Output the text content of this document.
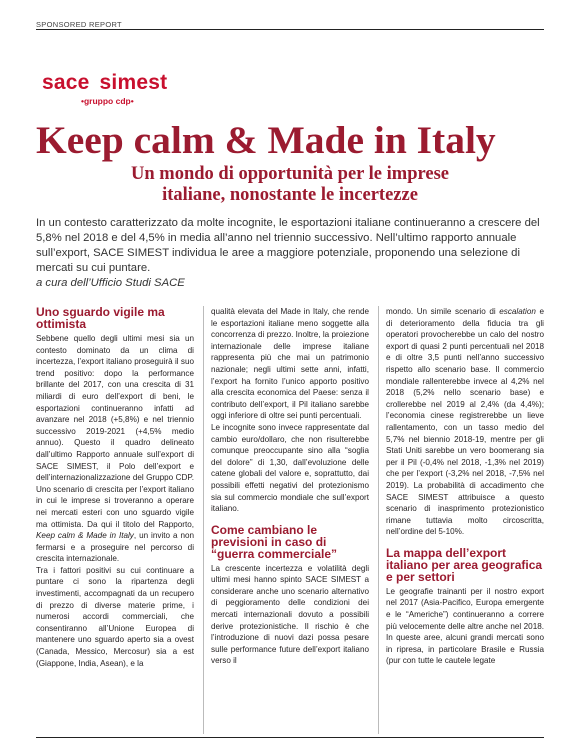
SPONSORED REPORT
sace simest
•gruppo cdp•
Keep calm & Made in Italy
Un mondo di opportunità per le imprese
italiane, nonostante le incertezze
In un contesto caratterizzato da molte incognite, le esportazioni italiane continueranno a crescere del 5,8% nel 2018 e del 4,5% in media all’anno nel triennio successivo. Nell’ultimo rapporto annuale sull’export, SACE SIMEST individua le aree a maggiore potenziale, proponendo una selezione di mercati su cui puntare.
a cura dell’Ufficio Studi SACE
Uno sguardo vigile ma ottimista

Sebbene quello degli ultimi mesi sia un contesto dominato da un clima di incertezza, l’export italiano proseguirà il suo trend positivo: dopo la performance brillante del 2017, con una crescita di 31 miliardi di euro dell’export di beni, le esportazioni continueranno infatti ad avanzare nel 2018 (+5,8%) e nel triennio successivo 2019-2021 (+4,5% medio annuo). Questo il quadro delineato dall’ultimo Rapporto annuale sull’export di SACE SIMEST, il Polo dell’export e dell’internazionalizzazione del Gruppo CDP. Uno scenario di crescita per l’export italiano in cui le imprese si troveranno a operare nei mercati esteri con uno sguardo vigile ma ottimista. Da qui il titolo del Rapporto, Keep calm & Made in Italy, un invito a non fermarsi e a proseguire nel percorso di crescita internazionale.

Tra i fattori positivi su cui continuare a puntare ci sono la ripartenza degli investimenti, accompagnati da un recupero di prezzo di diverse materie prime, i numerosi accordi commerciali, che consentiranno all’Unione Europea di mantenere uno sguardo aperto sia a ovest (Canada, Messico, Mercosur) sia a est (Giappone, India, Asean), e la

qualità elevata del Made in Italy, che rende le esportazioni italiane meno soggette alla concorrenza di prezzo. Inoltre, la proiezione internazionale delle imprese italiane rappresenta più che mai un patrimonio nazionale; negli ultimi sette anni, infatti, l’export ha fornito l’unico apporto positivo alla crescita economica del Paese: senza il contributo dell’export, il Pil italiano sarebbe oggi inferiore di oltre sei punti percentuali.

Le incognite sono invece rappresentate dal cambio euro/dollaro, che non risulterebbe comunque preoccupante sino alla “soglia del dolore” di 1,30, dall’evoluzione delle catene globali del valore e, soprattutto, dai possibili effetti negativi del protezionismo sia sul commercio mondiale che sull’export italiano.

Come cambiano le previsioni in caso di “guerra commerciale”

La crescente incertezza e volatilità degli ultimi mesi hanno spinto SACE SIMEST a considerare anche uno scenario alternativo di peggioramento delle condizioni dei mercati internazionali dovuto a possibili derive protezionistiche. Il rischio è che l’introduzione di nuovi dazi possa pesare sulle performance future dell’export italiano verso il

mondo. Un simile scenario di escalation e di deterioramento della fiducia tra gli operatori provocherebbe un calo del nostro export di quasi 2 punti percentuali nel 2018 e di oltre 3,5 punti nell’anno successivo rispetto allo scenario base. Il commercio mondiale rallenterebbe invece al 4,2% nel 2018 (5,2% nello scenario base) e crollerebbe nel 2019 al 2,4% (da 4,4%); l’economia cinese registrerebbe un lieve rallentamento, con un tasso medio del 5,7% nel biennio 2018-19, mentre per gli Stati Uniti sarebbe un vero boomerang sia per il Pil (-0,4% nel 2018, -1,3% nel 2019) che per l’export (-3,2% nel 2018, -7,5% nel 2019). La probabilità di accadimento che SACE SIMEST attribuisce a questo scenario di inasprimento protezionistico rimane tuttavia molto circoscritta, nell’ordine del 5-10%.

La mappa dell’export italiano per area geografica e per settori

Le geografie trainanti per il nostro export nel 2017 (Asia-Pacifico, Europa emergente e le “Americhe”) continueranno a correre più velocemente delle altre anche nel 2018. In queste aree, alcuni grandi mercati sono in ripresa, in particolare Brasile e Russia (pur con tutte le cautele legate
